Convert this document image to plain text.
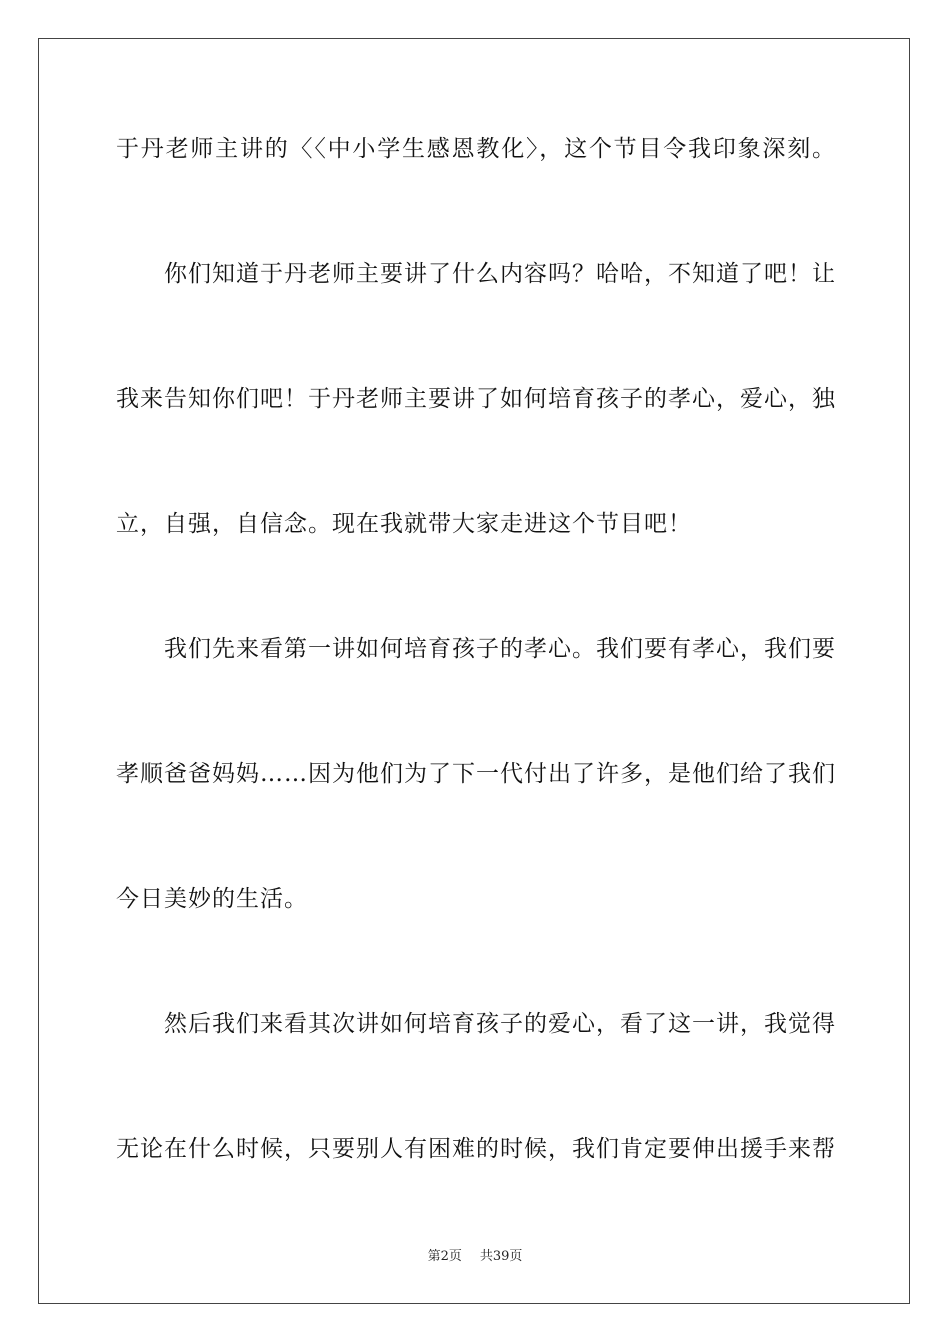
于丹老师主讲的〈〈中小学生感恩教化〉，这个节目令我印象深刻。
你们知道于丹老师主要讲了什么内容吗？哈哈，不知道了吧！让
我来告知你们吧！于丹老师主要讲了如何培育孩子的孝心，爱心，独
立，自强，自信念。现在我就带大家走进这个节目吧！
我们先来看第一讲如何培育孩子的孝心。我们要有孝心，我们要
孝顺爸爸妈妈……因为他们为了下一代付出了许多，是他们给了我们
今日美妙的生活。
然后我们来看其次讲如何培育孩子的爱心，看了这一讲，我觉得
无论在什么时候，只要别人有困难的时候，我们肯定要伸出援手来帮
第2页 共39页
